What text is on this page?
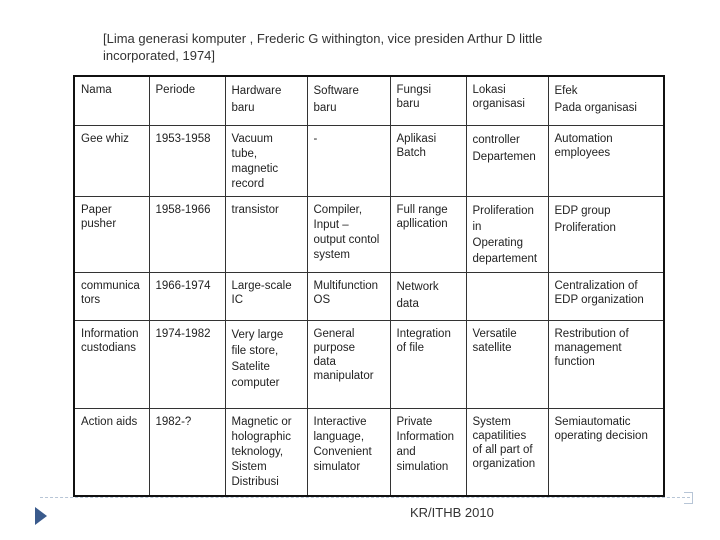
[Lima generasi komputer , Frederic G withington, vice presiden Arthur D little
incorporated, 1974]
Nama	Periode	Hardware
baru	Software
baru	Fungsi
baru	Lokasi
organisasi	Efek
Pada organisasi

Gee whiz	1953-1958	Vacuum
tube,
magnetic
record	-	Aplikasi
Batch	controller
Departemen	Automation
employees

Paper
pusher	1958-1966	transistor	Compiler,
Input –
output contol
system	Full range
apllication	Proliferation
in
Operating
departement	EDP group
Proliferation

communica
tors	1966-1974	Large-scale
IC	Multifunction
OS	Network
data		Centralization of
EDP organization

Information
custodians	1974-1982	Very large
file store,
Satelite
computer	General
purpose
data
manipulator	Integration
of file	Versatile
satellite	Restribution of
management
function

Action aids	1982-?	Magnetic or
holographic
teknology,
Sistem
Distribusi	Interactive
language,
Convenient
simulator	Private
Information
and
simulation	System
capatilities
of all part of
organization	Semiautomatic
operating decision
KR/ITHB 2010
